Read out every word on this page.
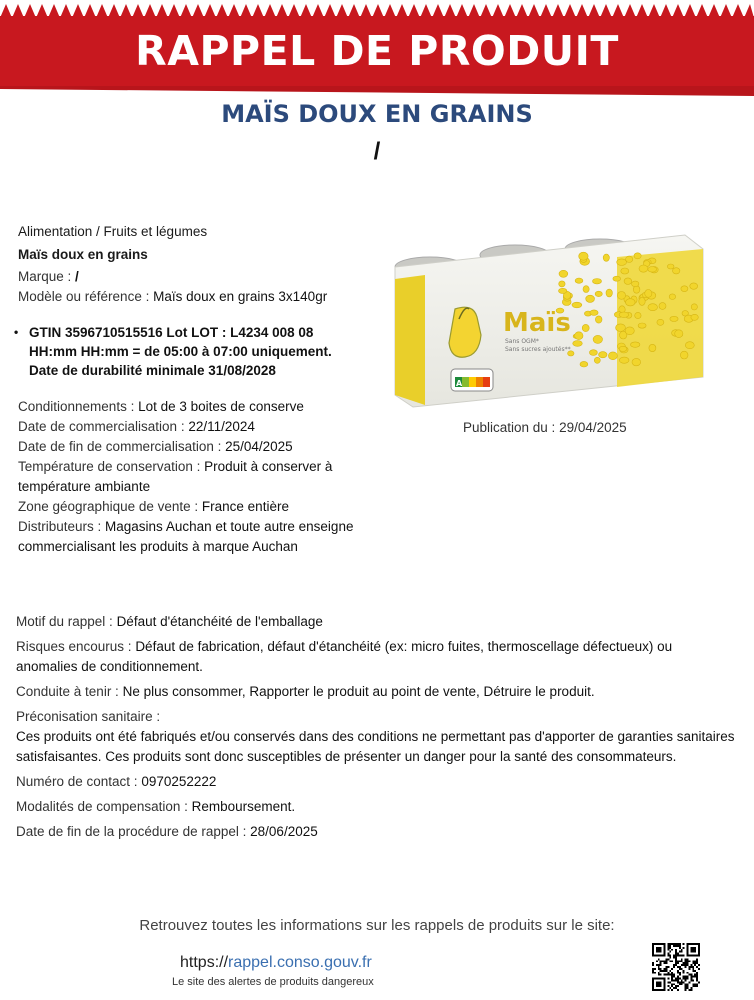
RAPPEL DE PRODUIT
MAÏS DOUX EN GRAINS
/
Alimentation / Fruits et légumes
Maïs doux en grains
Marque : /
Modèle ou référence : Maïs doux en grains 3x140gr
• GTIN 3596710515516 Lot LOT : L4234 008 08 HH:mm HH:mm = de 05:00 à 07:00 uniquement. Date de durabilité minimale 31/08/2028
Conditionnements : Lot de 3 boites de conserve
Date de commercialisation : 22/11/2024
Date de fin de commercialisation : 25/04/2025
Température de conservation : Produit à conserver à température ambiante
Zone géographique de vente : France entière
Distributeurs : Magasins Auchan et toute autre enseigne commercialisant les produits à marque Auchan
A
Maïs
Sans OGM*
Sans sucres ajoutés**
Publication du : 29/04/2025
Motif du rappel : Défaut d'étanchéité de l'emballage
Risques encourus : Défaut de fabrication, défaut d'étanchéité (ex: micro fuites, thermoscellage défectueux) ou anomalies de conditionnement.
Conduite à tenir : Ne plus consommer, Rapporter le produit au point de vente, Détruire le produit.
Préconisation sanitaire :
Ces produits ont été fabriqués et/ou conservés dans des conditions ne permettant pas d'apporter de garanties sanitaires satisfaisantes. Ces produits sont donc susceptibles de présenter un danger pour la santé des consommateurs.
Numéro de contact : 0970252222
Modalités de compensation : Remboursement.
Date de fin de la procédure de rappel : 28/06/2025
Retrouvez toutes les informations sur les rappels de produits sur le site:
https://rappel.conso.gouv.fr
Le site des alertes de produits dangereux
